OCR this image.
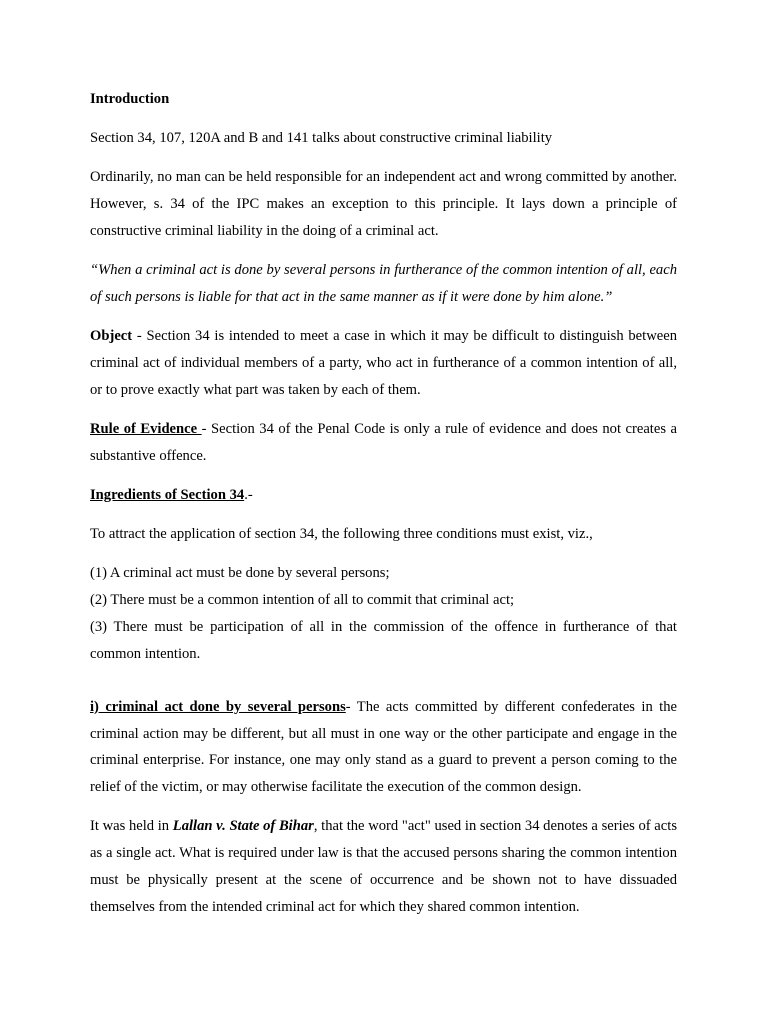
Introduction
Section 34, 107, 120A and B and 141 talks about constructive criminal liability
Ordinarily, no man can be held responsible for an independent act and wrong committed by another. However, s. 34 of the IPC makes an exception to this principle. It lays down a principle of constructive criminal liability in the doing of a criminal act.
“When a criminal act is done by several persons in furtherance of the common intention of all, each of such persons is liable for that act in the same manner as if it were done by him alone.”
Object - Section 34 is intended to meet a case in which it may be difficult to distinguish between criminal act of individual members of a party, who act in furtherance of a common intention of all, or to prove exactly what part was taken by each of them.
Rule of Evidence - Section 34 of the Penal Code is only a rule of evidence and does not creates a substantive offence.
Ingredients of Section 34.-
To attract the application of section 34, the following three conditions must exist, viz.,
(1) A criminal act must be done by several persons;
(2) There must be a common intention of all to commit that criminal act;
(3) There must be participation of all in the commission of the offence in furtherance of that common intention.
i) criminal act done by several persons- The acts committed by different confederates in the criminal action may be different, but all must in one way or the other participate and engage in the criminal enterprise. For instance, one may only stand as a guard to prevent a person coming to the relief of the victim, or may otherwise facilitate the execution of the common design.
It was held in Lallan v. State of Bihar, that the word "act" used in section 34 denotes a series of acts as a single act. What is required under law is that the accused persons sharing the common intention must be physically present at the scene of occurrence and be shown not to have dissuaded themselves from the intended criminal act for which they shared common intention.
